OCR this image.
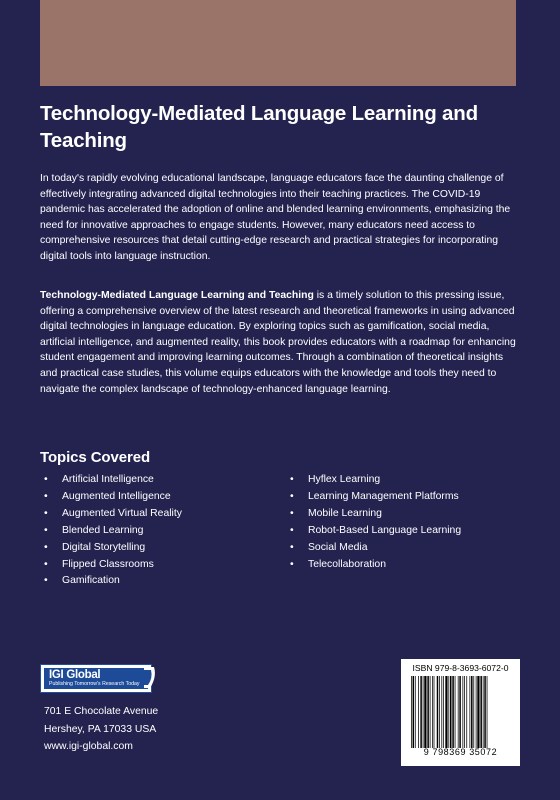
Technology-Mediated Language Learning and Teaching

In today's rapidly evolving educational landscape, language educators face the daunting challenge of effectively integrating advanced digital technologies into their teaching practices. The COVID-19 pandemic has accelerated the adoption of online and blended learning environments, emphasizing the need for innovative approaches to engage students. However, many educators need access to comprehensive resources that detail cutting-edge research and practical strategies for incorporating digital tools into language instruction.

Technology-Mediated Language Learning and Teaching is a timely solution to this pressing issue, offering a comprehensive overview of the latest research and theoretical frameworks in using advanced digital technologies in language education. By exploring topics such as gamification, social media, artificial intelligence, and augmented reality, this book provides educators with a roadmap for enhancing student engagement and improving learning outcomes. Through a combination of theoretical insights and practical case studies, this volume equips educators with the knowledge and tools they need to navigate the complex landscape of technology-enhanced language learning.

Topics Covered
• Artificial Intelligence
• Augmented Intelligence
• Augmented Virtual Reality
• Blended Learning
• Digital Storytelling
• Flipped Classrooms
• Gamification
• Hyflex Learning
• Learning Management Platforms
• Mobile Learning
• Robot-Based Language Learning
• Social Media
• Telecollaboration
IGI Global
Publishing Tomorrow's Research Today
701 E Chocolate Avenue
Hershey, PA 17033 USA
www.igi-global.com
ISBN 979-8-3693-6072-0
9 798369 35072
